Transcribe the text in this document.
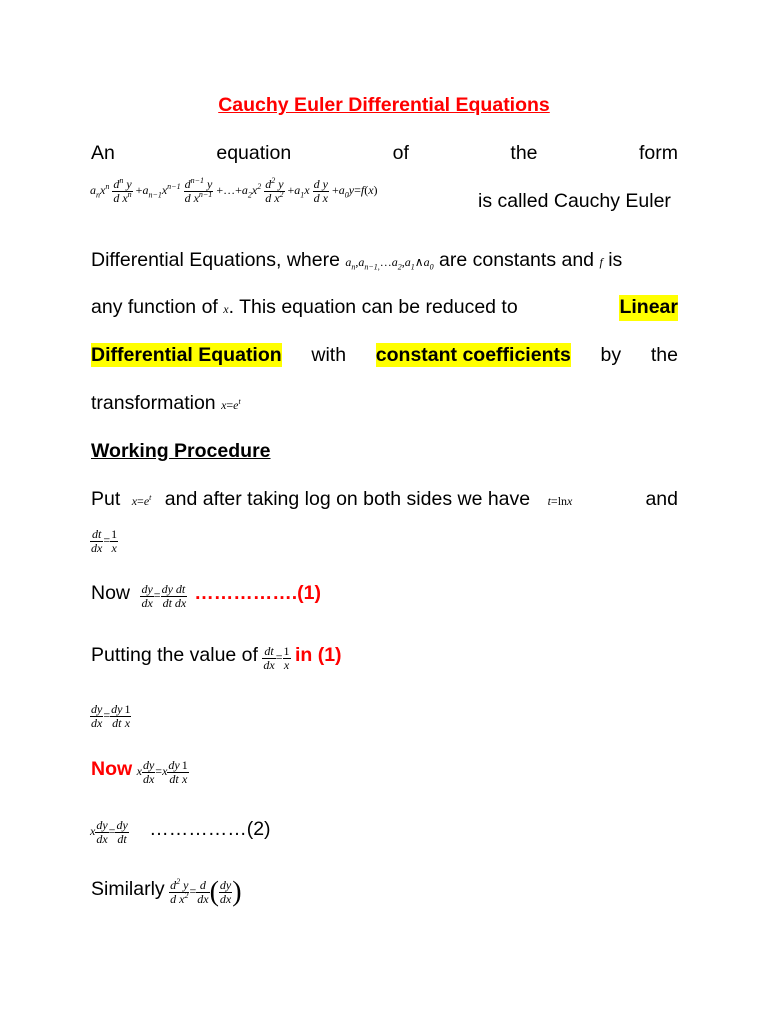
Cauchy Euler Differential Equations
An	equation	of	the	form
$a_nx^n \frac{d^n y}{d x^n} +a_{n-1}x^{n-1} \frac{d^{n-1} y}{d x^{n-1}}$ $+\dots+a_2x^2 \frac{d^2 y}{d x^2} +a_1x \frac{\text{d y}}{\text{d x}} +a_0y=f(x)$
is called Cauchy Euler
Differential Equations, where $a_n,a_{n-1,}\dots a_2,a_1\wedge a_0$ are constants and f is
any function of x. This equation can be reduced to	Linear
Differential Equation with constant coefficients by the
transformation $x=e^t$
Working Procedure
Put $x=e^t$ and after taking log on both sides we have t=lnx	and
$\frac{dt}{dx} = \frac{1}{x}$
Now $\frac{dy}{dx} = \frac{dy}{dt} \frac{dt}{dx}$ …………….(1)
Putting the value of $\frac{dt}{dx} = \frac{1}{x}$ in (1)
$\frac{dy}{dx} = \frac{dy}{dt} \frac{1}{x}$
Now x $\frac{dy}{dx} =x \frac{dy}{dt} \frac{1}{x}$
x $\frac{dy}{dx} = \frac{dy}{dt}$ ……………(2)
Similarly $\frac{d^2 y}{d x^2} = \frac{d}{dx}$ ( $\frac{dy}{dx}$ )
